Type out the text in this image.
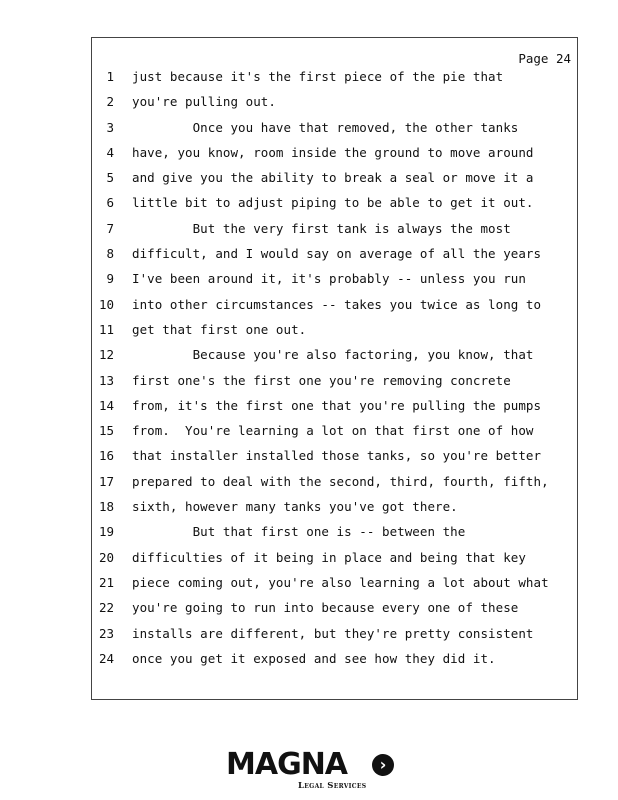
Page 24
1 just because it's the first piece of the pie that
2 you're pulling out.
3 Once you have that removed, the other tanks
4 have, you know, room inside the ground to move around
5 and give you the ability to break a seal or move it a
6 little bit to adjust piping to be able to get it out.
7 But the very first tank is always the most
8 difficult, and I would say on average of all the years
9 I've been around it, it's probably -- unless you run
10 into other circumstances -- takes you twice as long to
11 get that first one out.
12 Because you're also factoring, you know, that
13 first one's the first one you're removing concrete
14 from, it's the first one that you're pulling the pumps
15 from.  You're learning a lot on that first one of how
16 that installer installed those tanks, so you're better
17 prepared to deal with the second, third, fourth, fifth,
18 sixth, however many tanks you've got there.
19 But that first one is -- between the
20 difficulties of it being in place and being that key
21 piece coming out, you're also learning a lot about what
22 you're going to run into because every one of these
23 installs are different, but they're pretty consistent
24 once you get it exposed and see how they did it.
MAGNA	›
Legal Services
